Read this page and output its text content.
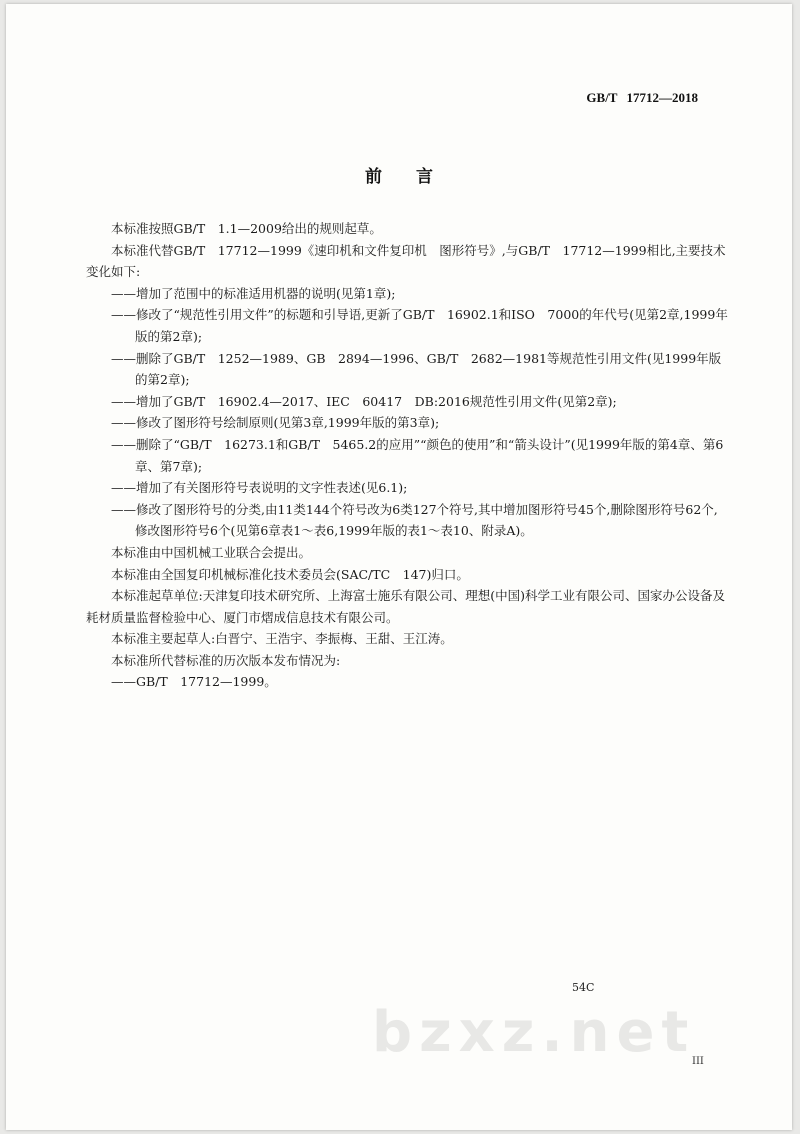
GB/T 17712—2018
前言

本标准按照GB/T　1.1—2009给出的规则起草。

本标准代替GB/T　17712—1999《速印机和文件复印机　图形符号》,与GB/T　17712—1999相比,主要技术变化如下:

——增加了范围中的标准适用机器的说明(见第1章);

——修改了“规范性引用文件”的标题和引导语,更新了GB/T　16902.1和ISO　7000的年代号(见第2章,1999年版的第2章);

——删除了GB/T　1252—1989、GB　2894—1996、GB/T　2682—1981等规范性引用文件(见1999年版的第2章);

——增加了GB/T　16902.4—2017、IEC　60417　DB:2016规范性引用文件(见第2章);

——修改了图形符号绘制原则(见第3章,1999年版的第3章);

——删除了“GB/T　16273.1和GB/T　5465.2的应用”“颜色的使用”和“箭头设计”(见1999年版的第4章、第6章、第7章);

——增加了有关图形符号表说明的文字性表述(见6.1);

——修改了图形符号的分类,由11类144个符号改为6类127个符号,其中增加图形符号45个,删除图形符号62个,修改图形符号6个(见第6章表1～表6,1999年版的表1～表10、附录A)。

本标准由中国机械工业联合会提出。

本标准由全国复印机械标准化技术委员会(SAC/TC　147)归口。

本标准起草单位:天津复印技术研究所、上海富士施乐有限公司、理想(中国)科学工业有限公司、国家办公设备及耗材质量监督检验中心、厦门市熠成信息技术有限公司。

本标准主要起草人:白晋宁、王浩宇、李振梅、王甜、王江涛。

本标准所代替标准的历次版本发布情况为:

——GB/T　17712—1999。

bzxz.net
54C
III
